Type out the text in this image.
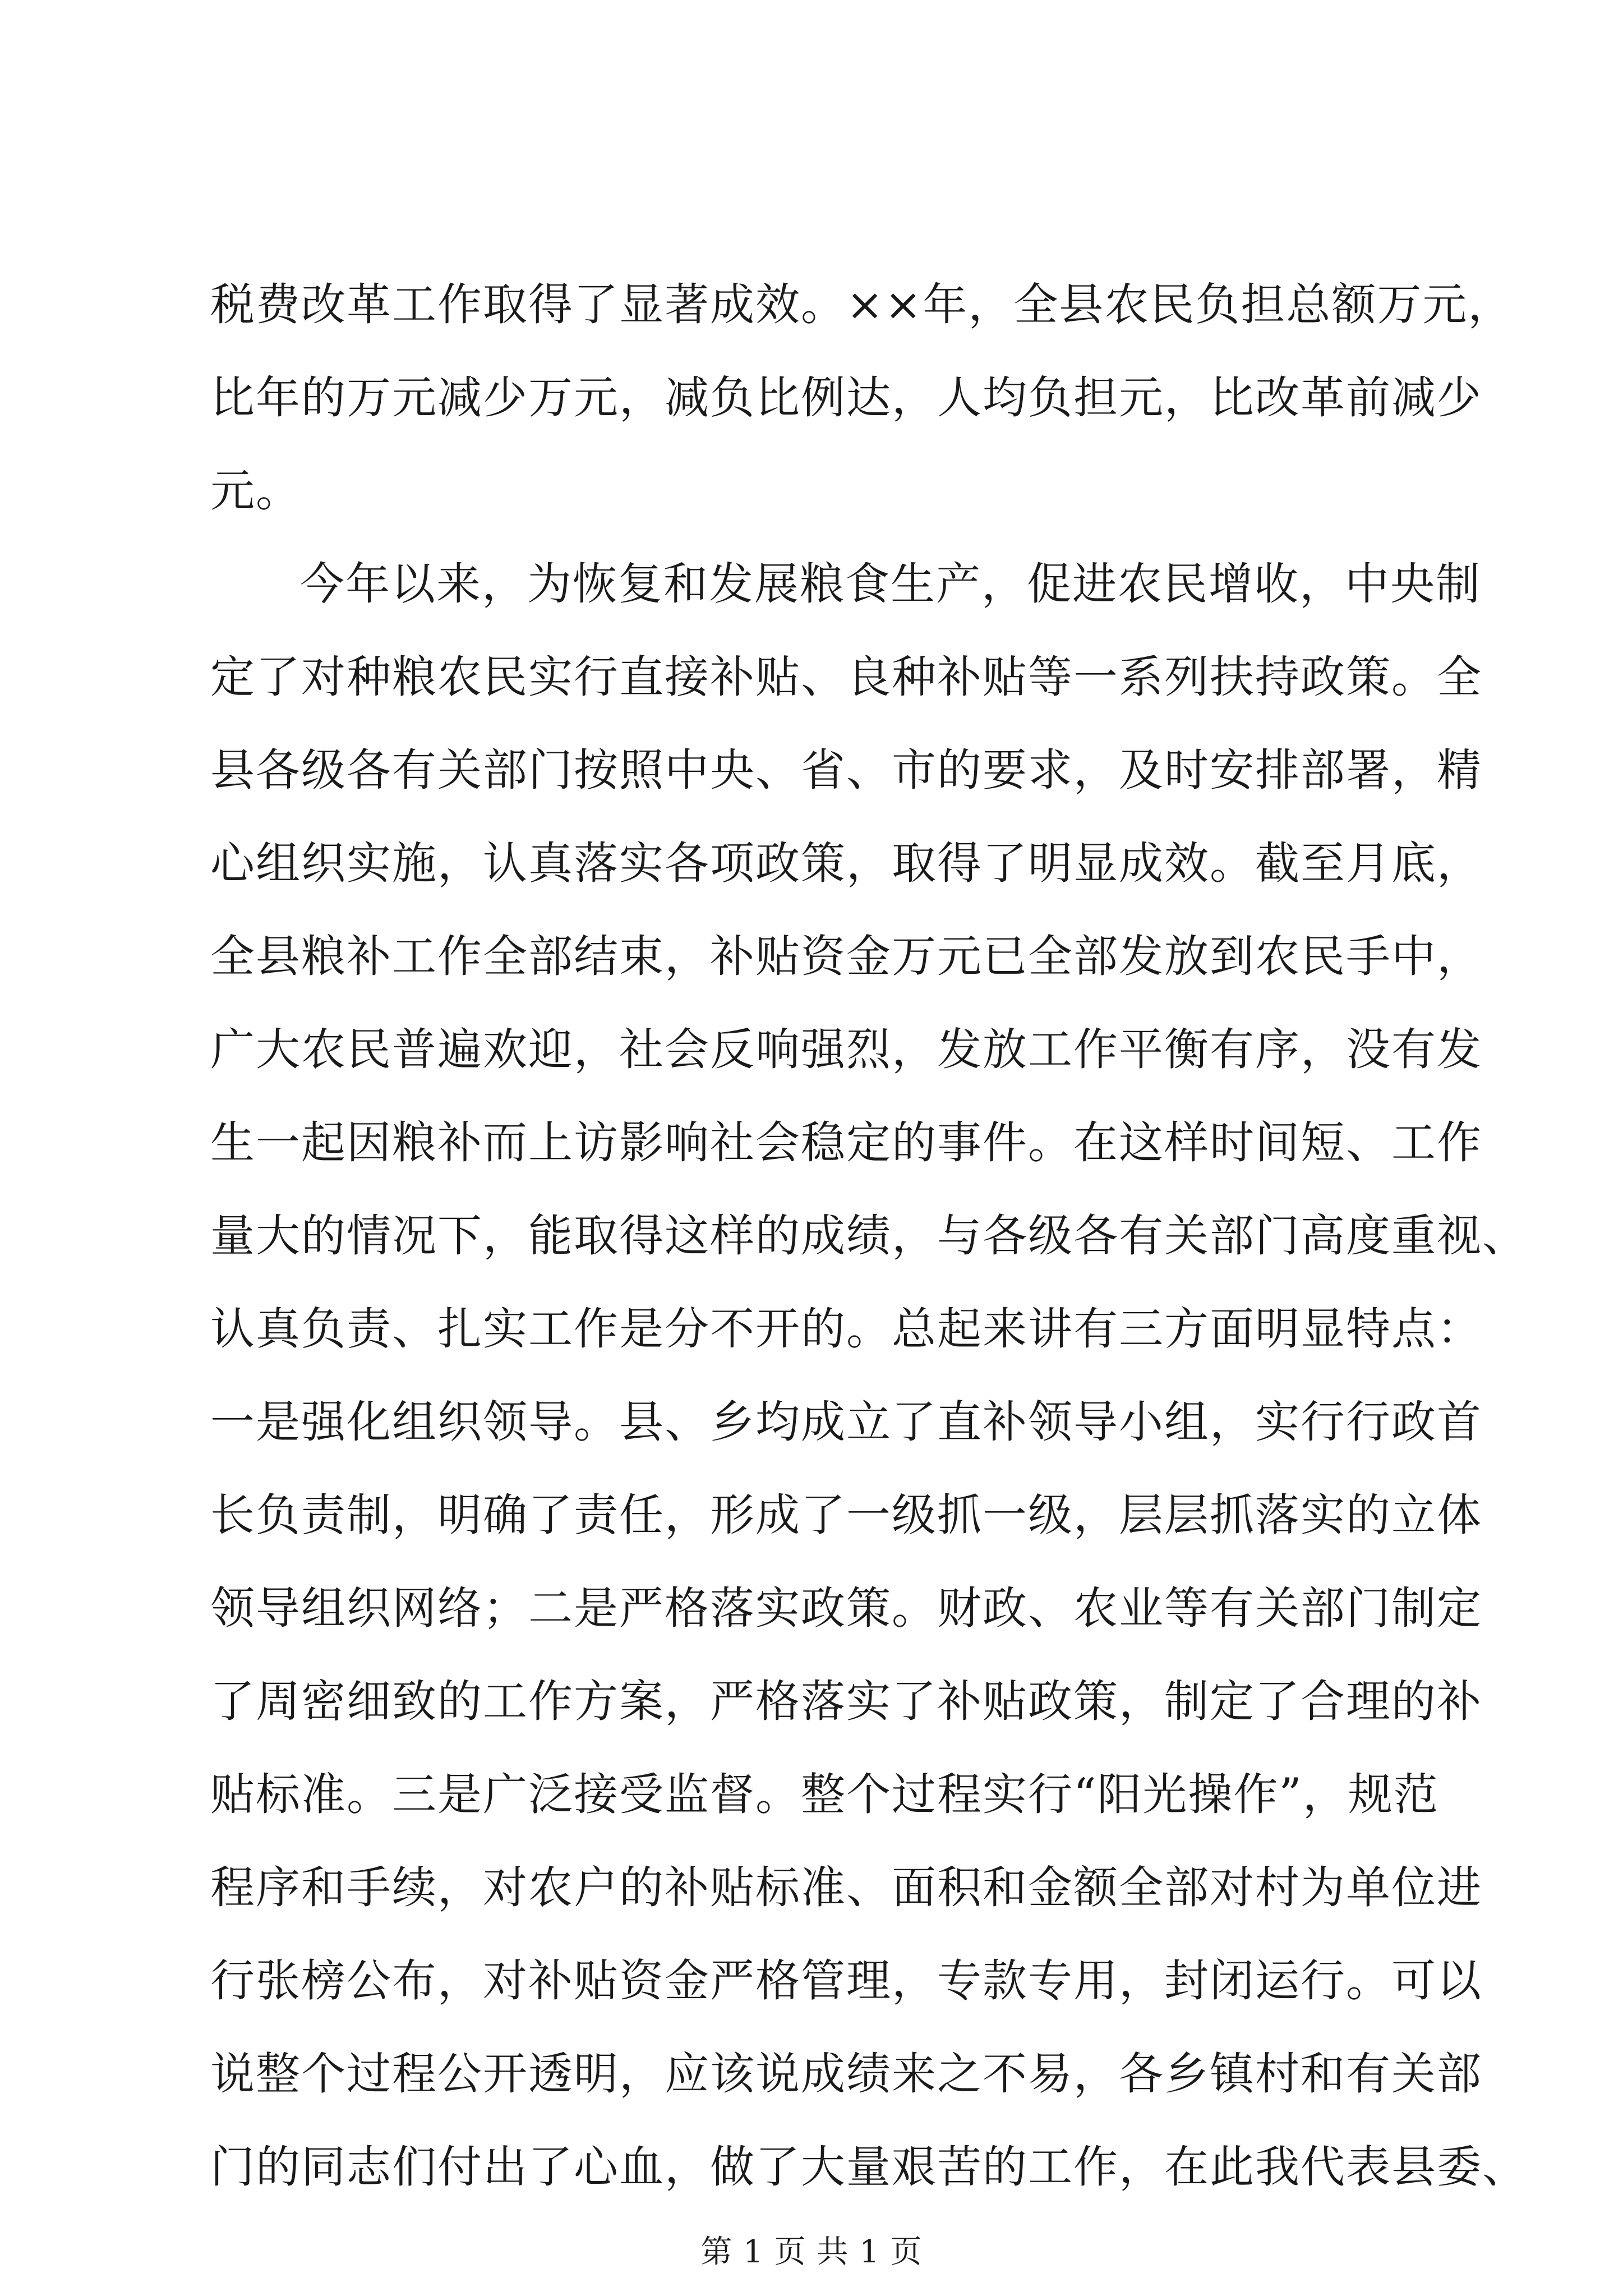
税费改革工作取得了显著成效。××年，全县农民负担总额万元，
比年的万元减少万元，减负比例达，人均负担元，比改革前减少
元。
今年以来，为恢复和发展粮食生产，促进农民增收，中央制
定了对种粮农民实行直接补贴、良种补贴等一系列扶持政策。全
县各级各有关部门按照中央、省、市的要求，及时安排部署，精
心组织实施，认真落实各项政策，取得了明显成效。截至月底，
全县粮补工作全部结束，补贴资金万元已全部发放到农民手中，
广大农民普遍欢迎，社会反响强烈，发放工作平衡有序，没有发
生一起因粮补而上访影响社会稳定的事件。在这样时间短、工作
量大的情况下，能取得这样的成绩，与各级各有关部门高度重视、
认真负责、扎实工作是分不开的。总起来讲有三方面明显特点：
一是强化组织领导。县、乡均成立了直补领导小组，实行行政首
长负责制，明确了责任，形成了一级抓一级，层层抓落实的立体
领导组织网络；二是严格落实政策。财政、农业等有关部门制定
了周密细致的工作方案，严格落实了补贴政策，制定了合理的补
贴标准。三是广泛接受监督。整个过程实行“阳光操作”，规范
程序和手续，对农户的补贴标准、面积和金额全部对村为单位进
行张榜公布，对补贴资金严格管理，专款专用，封闭运行。可以
说整个过程公开透明，应该说成绩来之不易，各乡镇村和有关部
门的同志们付出了心血，做了大量艰苦的工作，在此我代表县委、
第 1 页 共 1 页
